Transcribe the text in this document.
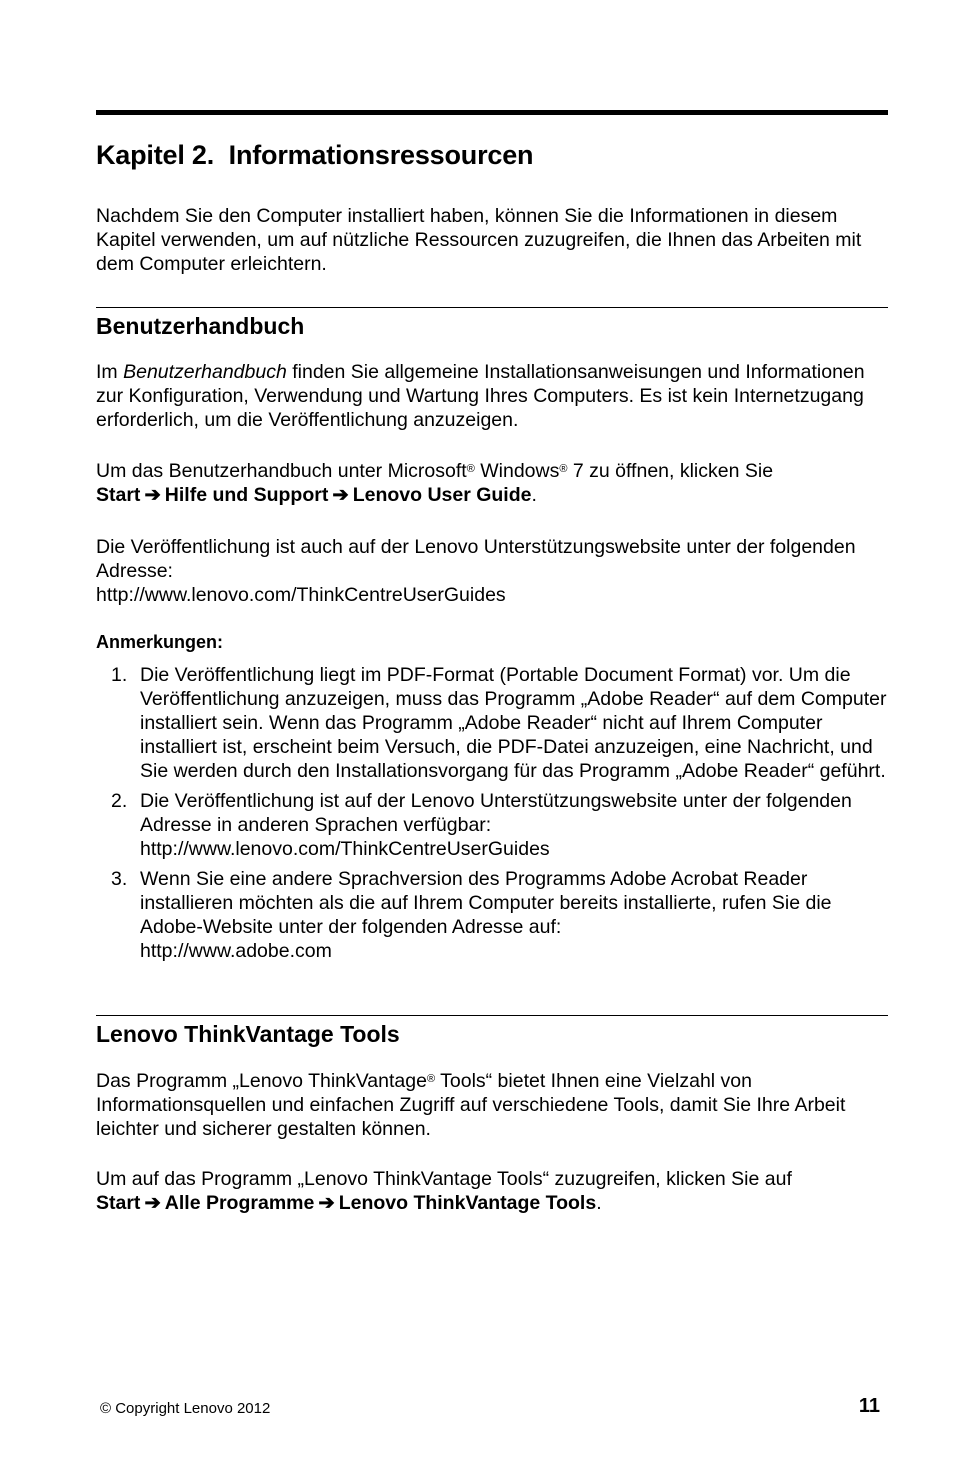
Kapitel 2.  Informationsressourcen

Nachdem Sie den Computer installiert haben, können Sie die Informationen in diesem Kapitel verwenden, um auf nützliche Ressourcen zuzugreifen, die Ihnen das Arbeiten mit dem Computer erleichtern.

Benutzerhandbuch

Im Benutzerhandbuch finden Sie allgemeine Installationsanweisungen und Informationen zur Konfiguration, Verwendung und Wartung Ihres Computers. Es ist kein Internetzugang erforderlich, um die Veröffentlichung anzuzeigen.

Um das Benutzerhandbuch unter Microsoft® Windows® 7 zu öffnen, klicken Sie
Start ➔ Hilfe und Support ➔ Lenovo User Guide.

Die Veröffentlichung ist auch auf der Lenovo Unterstützungswebsite unter der folgenden Adresse:
http://www.lenovo.com/ThinkCentreUserGuides

Anmerkungen:

1. Die Veröffentlichung liegt im PDF-Format (Portable Document Format) vor. Um die Veröffentlichung anzuzeigen, muss das Programm „Adobe Reader“ auf dem Computer installiert sein. Wenn das Programm „Adobe Reader“ nicht auf Ihrem Computer installiert ist, erscheint beim Versuch, die PDF-Datei anzuzeigen, eine Nachricht, und Sie werden durch den Installationsvorgang für das Programm „Adobe Reader“ geführt.
2. Die Veröffentlichung ist auf der Lenovo Unterstützungswebsite unter der folgenden Adresse in anderen Sprachen verfügbar:
http://www.lenovo.com/ThinkCentreUserGuides
3. Wenn Sie eine andere Sprachversion des Programms Adobe Acrobat Reader installieren möchten als die auf Ihrem Computer bereits installierte, rufen Sie die Adobe-Website unter der folgenden Adresse auf:
http://www.adobe.com
Lenovo ThinkVantage Tools

Das Programm „Lenovo ThinkVantage® Tools“ bietet Ihnen eine Vielzahl von Informationsquellen und einfachen Zugriff auf verschiedene Tools, damit Sie Ihre Arbeit leichter und sicherer gestalten können.

Um auf das Programm „Lenovo ThinkVantage Tools“ zuzugreifen, klicken Sie auf
Start ➔ Alle Programme ➔ Lenovo ThinkVantage Tools.

© Copyright Lenovo 2012	11
